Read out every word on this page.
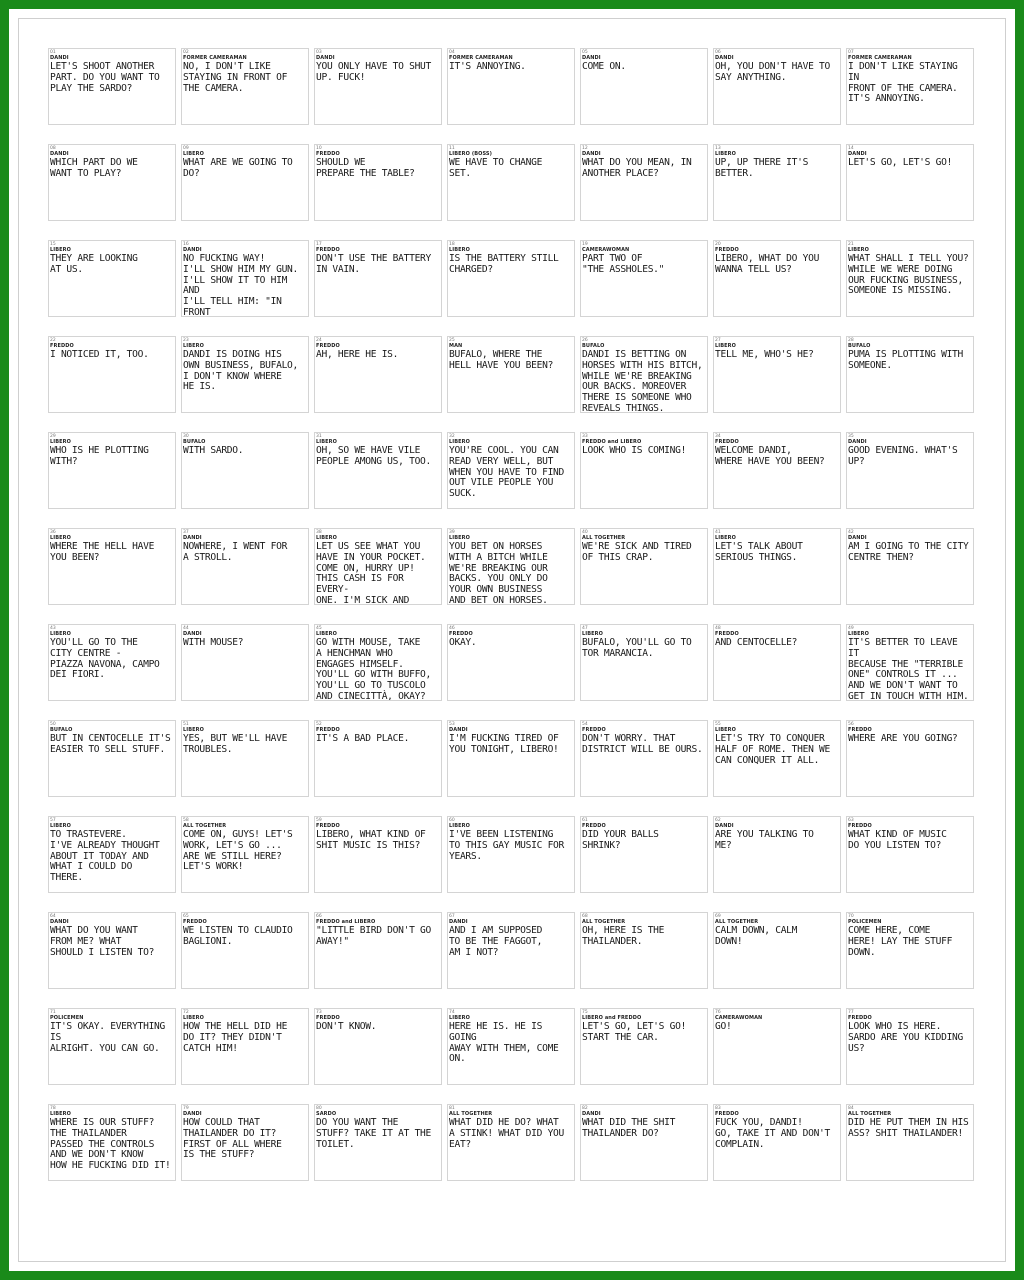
01
DANDI
LET'S SHOOT ANOTHER
PART. DO YOU WANT TO
PLAY THE SARDO?
02
FORMER CAMERAMAN
NO, I DON'T LIKE
STAYING IN FRONT OF
THE CAMERA.
03
DANDI
YOU ONLY HAVE TO SHUT
UP. FUCK!
04
FORMER CAMERAMAN
IT'S ANNOYING.
05
DANDI
COME ON.
06
DANDI
OH, YOU DON'T HAVE TO
SAY ANYTHING.
07
FORMER CAMERAMAN
I DON'T LIKE STAYING IN
FRONT OF THE CAMERA.
IT'S ANNOYING.
08
DANDI
WHICH PART DO WE
WANT TO PLAY?
09
LIBERO
WHAT ARE WE GOING TO
DO?
10
FREDDO
SHOULD WE
PREPARE THE TABLE?
11
LIBERO (BOSS)
WE HAVE TO CHANGE
SET.
12
DANDI
WHAT DO YOU MEAN, IN
ANOTHER PLACE?
13
LIBERO
UP, UP THERE IT'S
BETTER.
14
DANDI
LET'S GO, LET'S GO!
15
LIBERO
THEY ARE LOOKING
AT US.
16
DANDI
NO FUCKING WAY!
I'LL SHOW HIM MY GUN.
I'LL SHOW IT TO HIM AND
I'LL TELL HIM: "IN FRONT

17
FREDDO
DON'T USE THE BATTERY
IN VAIN.
18
LIBERO
IS THE BATTERY STILL
CHARGED?
19
CAMERAWOMAN
PART TWO OF
"THE ASSHOLES."
20
FREDDO
LIBERO, WHAT DO YOU
WANNA TELL US?
21
LIBERO
WHAT SHALL I TELL YOU?
WHILE WE WERE DOING
OUR FUCKING BUSINESS,
SOMEONE IS MISSING.
22
FREDDO
I NOTICED IT, TOO.
23
LIBERO
DANDI IS DOING HIS
OWN BUSINESS, BUFALO,
I DON'T KNOW WHERE
HE IS.
24
FREDDO
AH, HERE HE IS.
25
MAN
BUFALO, WHERE THE
HELL HAVE YOU BEEN?
26
BUFALO
DANDI IS BETTING ON
HORSES WITH HIS BITCH,
WHILE WE'RE BREAKING
OUR BACKS. MOREOVER
THERE IS SOMEONE WHO
REVEALS THINGS.
27
LIBERO
TELL ME, WHO'S HE?
28
BUFALO
PUMA IS PLOTTING WITH
SOMEONE.
29
LIBERO
WHO IS HE PLOTTING
WITH?
30
BUFALO
WITH SARDO.
31
LIBERO
OH, SO WE HAVE VILE
PEOPLE AMONG US, TOO.
32
LIBERO
YOU'RE COOL. YOU CAN
READ VERY WELL, BUT
WHEN YOU HAVE TO FIND
OUT VILE PEOPLE YOU
SUCK.
33
FREDDO and LIBERO
LOOK WHO IS COMING!
34
FREDDO
WELCOME DANDI,
WHERE HAVE YOU BEEN?
35
DANDI
GOOD EVENING. WHAT'S
UP?
36
LIBERO
WHERE THE HELL HAVE
YOU BEEN?
37
DANDI
NOWHERE, I WENT FOR
A STROLL.
38
LIBERO
LET US SEE WHAT YOU
HAVE IN YOUR POCKET.
COME ON, HURRY UP!
THIS CASH IS FOR EVERY-
ONE. I'M SICK AND

39
LIBERO
YOU BET ON HORSES
WITH A BITCH WHILE
WE'RE BREAKING OUR
BACKS. YOU ONLY DO
YOUR OWN BUSINESS
AND BET ON HORSES.
40
ALL TOGETHER
WE'RE SICK AND TIRED
OF THIS CRAP.
41
LIBERO
LET'S TALK ABOUT
SERIOUS THINGS.
42
DANDI
AM I GOING TO THE CITY
CENTRE THEN?
43
LIBERO
YOU'LL GO TO THE
CITY CENTRE -
PIAZZA NAVONA, CAMPO
DEI FIORI.
44
DANDI
WITH MOUSE?
45
LIBERO
GO WITH MOUSE, TAKE
A HENCHMAN WHO
ENGAGES HIMSELF.
YOU'LL GO WITH BUFFO,
YOU'LL GO TO TUSCOLO
AND CINECITTÀ, OKAY?
46
FREDDO
OKAY.
47
LIBERO
BUFALO, YOU'LL GO TO
TOR MARANCIA.
48
FREDDO
AND CENTOCELLE?
49
LIBERO
IT'S BETTER TO LEAVE IT
BECAUSE THE "TERRIBLE
ONE" CONTROLS IT ...
AND WE DON'T WANT TO
GET IN TOUCH WITH HIM.
50
BUFALO
BUT IN CENTOCELLE IT'S
EASIER TO SELL STUFF.
51
LIBERO
YES, BUT WE'LL HAVE
TROUBLES.
52
FREDDO
IT'S A BAD PLACE.
53
DANDI
I'M FUCKING TIRED OF
YOU TONIGHT, LIBERO!
54
FREDDO
DON'T WORRY. THAT
DISTRICT WILL BE OURS.
55
LIBERO
LET'S TRY TO CONQUER
HALF OF ROME. THEN WE
CAN CONQUER IT ALL.
56
FREDDO
WHERE ARE YOU GOING?
57
LIBERO
TO TRASTEVERE.
I'VE ALREADY THOUGHT
ABOUT IT TODAY AND
WHAT I COULD DO
THERE.
58
ALL TOGETHER
COME ON, GUYS! LET'S
WORK, LET'S GO ...
ARE WE STILL HERE?
LET'S WORK!
59
FREDDO
LIBERO, WHAT KIND OF
SHIT MUSIC IS THIS?
60
LIBERO
I'VE BEEN LISTENING
TO THIS GAY MUSIC FOR
YEARS.
61
FREDDO
DID YOUR BALLS
SHRINK?
62
DANDI
ARE YOU TALKING TO
ME?
63
FREDDO
WHAT KIND OF MUSIC
DO YOU LISTEN TO?
64
DANDI
WHAT DO YOU WANT
FROM ME? WHAT
SHOULD I LISTEN TO?
65
FREDDO
WE LISTEN TO CLAUDIO
BAGLIONI.
66
FREDDO and LIBERO
"LITTLE BIRD DON'T GO
AWAY!"
67
DANDI
AND I AM SUPPOSED
TO BE THE FAGGOT,
AM I NOT?
68
ALL TOGETHER
OH, HERE IS THE
THAILANDER.
69
ALL TOGETHER
CALM DOWN, CALM
DOWN!
70
POLICEMEN
COME HERE, COME
HERE! LAY THE STUFF
DOWN.
71
POLICEMEN
IT'S OKAY. EVERYTHING IS
ALRIGHT. YOU CAN GO.
72
LIBERO
HOW THE HELL DID HE
DO IT? THEY DIDN'T
CATCH HIM!
73
FREDDO
DON'T KNOW.
74
LIBERO
HERE HE IS. HE IS GOING
AWAY WITH THEM, COME
ON.
75
LIBERO and FREDDO
LET'S GO, LET'S GO!
START THE CAR.
76
CAMERAWOMAN
GO!
77
FREDDO
LOOK WHO IS HERE.
SARDO ARE YOU KIDDING
US?
78
LIBERO
WHERE IS OUR STUFF?
THE THAILANDER
PASSED THE CONTROLS
AND WE DON'T KNOW
HOW HE FUCKING DID IT!
79
DANDI
HOW COULD THAT
THAILANDER DO IT?
FIRST OF ALL WHERE
IS THE STUFF?
80
SARDO
DO YOU WANT THE
STUFF? TAKE IT AT THE
TOILET.
81
ALL TOGETHER
WHAT DID HE DO? WHAT
A STINK! WHAT DID YOU
EAT?
82
DANDI
WHAT DID THE SHIT
THAILANDER DO?
83
FREDDO
FUCK YOU, DANDI!
GO, TAKE IT AND DON'T
COMPLAIN.
84
ALL TOGETHER
DID HE PUT THEM IN HIS
ASS? SHIT THAILANDER!
